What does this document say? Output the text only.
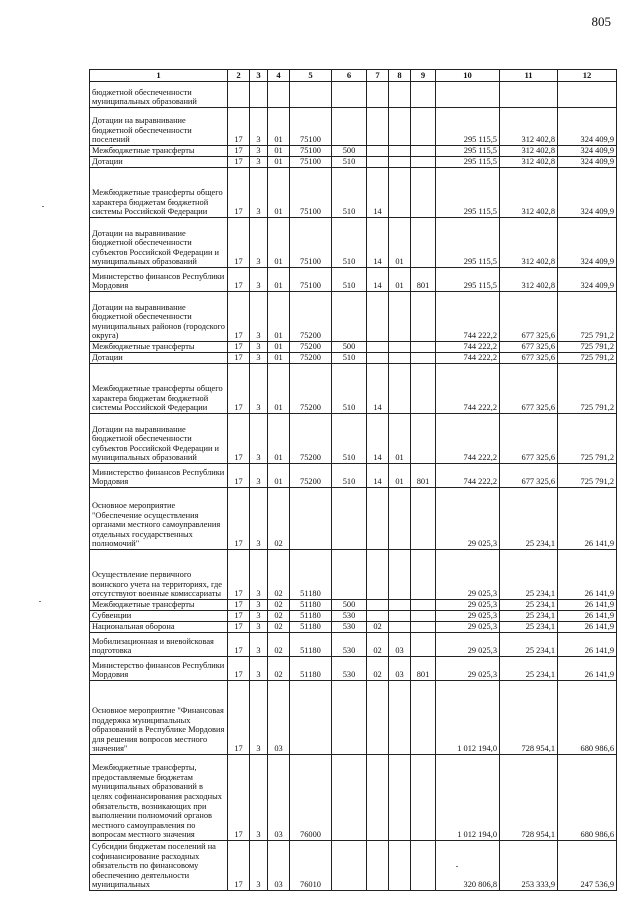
805
1	2	3	4	5	6	7	8	9	10	11	12
бюджетной обеспеченности муниципальных образований											
Дотации на выравнивание бюджетной обеспеченности поселений	17	3	01	75100					295 115,5	312 402,8	324 409,9
Межбюджетные трансферты	17	3	01	75100	500				295 115,5	312 402,8	324 409,9
Дотации	17	3	01	75100	510				295 115,5	312 402,8	324 409,9
Межбюджетные трансферты общего характера бюджетам бюджетной системы Российской Федерации	17	3	01	75100	510	14			295 115,5	312 402,8	324 409,9
Дотации на выравнивание бюджетной обеспеченности субъектов Российской Федерации и муниципальных образований	17	3	01	75100	510	14	01		295 115,5	312 402,8	324 409,9
Министерство финансов Республики Мордовия	17	3	01	75100	510	14	01	801	295 115,5	312 402,8	324 409,9
Дотации на выравнивание бюджетной обеспеченности муниципальных районов (городского округа)	17	3	01	75200					744 222,2	677 325,6	725 791,2
Межбюджетные трансферты	17	3	01	75200	500				744 222,2	677 325,6	725 791,2
Дотации	17	3	01	75200	510				744 222,2	677 325,6	725 791,2
Межбюджетные трансферты общего характера бюджетам бюджетной системы Российской Федерации	17	3	01	75200	510	14			744 222,2	677 325,6	725 791,2
Дотации на выравнивание бюджетной обеспеченности субъектов Российской Федерации и муниципальных образований	17	3	01	75200	510	14	01		744 222,2	677 325,6	725 791,2
Министерство финансов Республики Мордовия	17	3	01	75200	510	14	01	801	744 222,2	677 325,6	725 791,2
Основное мероприятие "Обеспечение осуществления органами местного самоуправления отдельных государственных полномочий"	17	3	02						29 025,3	25 234,1	26 141,9
Осуществление первичного воинского учета на территориях, где отсутствуют военные комиссариаты	17	3	02	51180					29 025,3	25 234,1	26 141,9
Межбюджетные трансферты	17	3	02	51180	500				29 025,3	25 234,1	26 141,9
Субвенции	17	3	02	51180	530				29 025,3	25 234,1	26 141,9
Национальная оборона	17	3	02	51180	530	02			29 025,3	25 234,1	26 141,9
Мобилизационная и вневойсковая подготовка	17	3	02	51180	530	02	03		29 025,3	25 234,1	26 141,9
Министерство финансов Республики Мордовия	17	3	02	51180	530	02	03	801	29 025,3	25 234,1	26 141,9
Основное мероприятие "Финансовая поддержка муниципальных образований в Республике Мордовия для решения вопросов местного значения"	17	3	03						1 012 194,0	728 954,1	680 986,6
Межбюджетные трансферты, предоставляемые бюджетам муниципальных образований в целях софинансирования расходных обязательств, возникающих при выполнении полномочий органов местного самоуправления по вопросам местного значения	17	3	03	76000					1 012 194,0	728 954,1	680 986,6
Субсидии бюджетам поселений на софинансирование расходных обязательств по финансовому обеспечению деятельности муниципальных	17	3	03	76010					320 806,8	253 333,9	247 536,9
